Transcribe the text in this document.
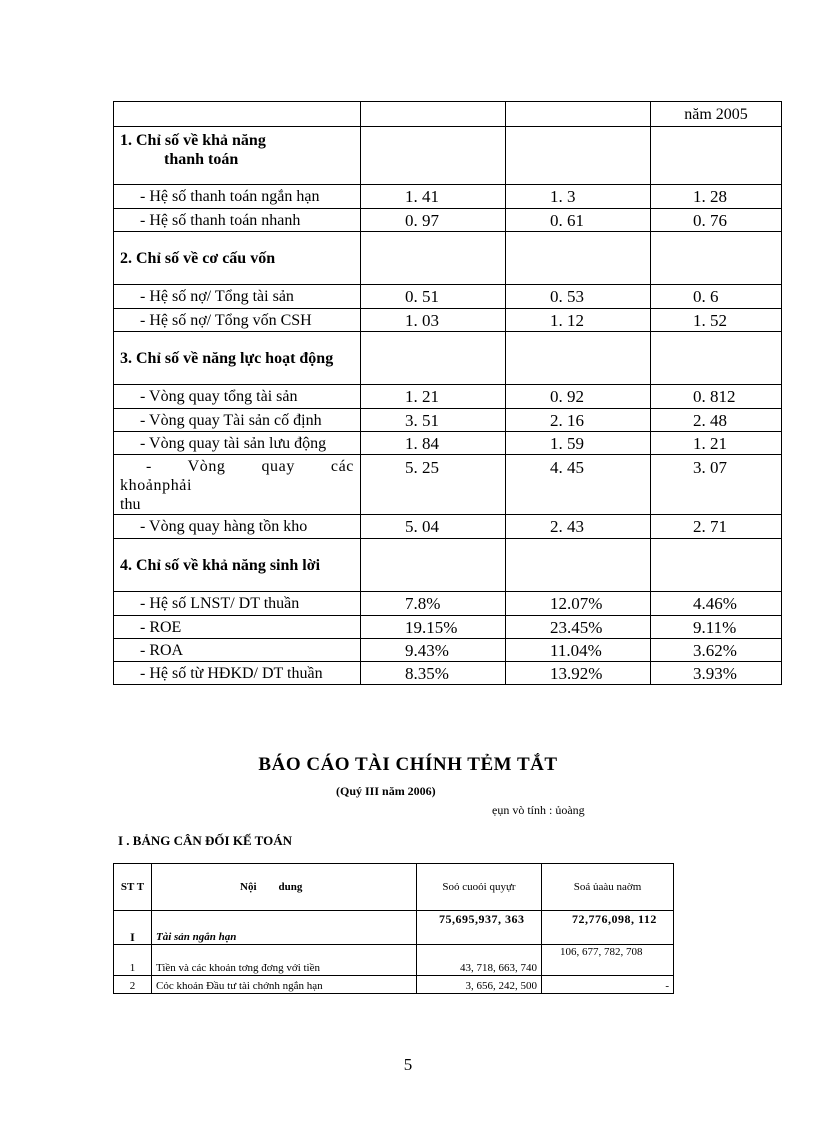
			năm 2005
1. Chỉ số về khả năng
thanh toán			
- Hệ số thanh toán ngắn hạn	1. 41	1. 3	1. 28
- Hệ số thanh toán nhanh	0. 97	0. 61	0. 76
2. Chỉ số về cơ cấu vốn			
- Hệ số nợ/ Tổng tài sản	0. 51	0. 53	0. 6
- Hệ số nợ/ Tổng vốn CSH	1. 03	1. 12	1. 52
3. Chỉ số về năng lực hoạt động			
- Vòng quay tổng tài sản	1. 21	0. 92	0. 812
- Vòng quay Tài sản cố định	3. 51	2. 16	2. 48
- Vòng quay tài sản lưu động	1. 84	1. 59	1. 21
- Vòng quay các khoảnphải
thu	5. 25	4. 45	3. 07
- Vòng quay hàng tồn kho	5. 04	2. 43	2. 71
4. Chỉ số về khả năng sinh lời			
- Hệ số LNST/ DT thuần	7.8%	12.07%	4.46%
- ROE	19.15%	23.45%	9.11%
- ROA	9.43%	11.04%	3.62%
- Hệ số từ HĐKD/ DT thuần	8.35%	13.92%	3.93%
BÁO CÁO TÀI CHÍNH TẺM TẮT
(Quý III năm 2006)
ẹụn vò tính : ủoàng
I . BẢNG CÂN ĐỐI KẾ TOÁN
ST T	Nội        dung	Soỏ cuoỏi quyựr	Soá ủaàu naờm
I	Tài sản ngắn hạn	75,695,937, 363	72,776,098, 112
1	Tiền và các khoản tơng đơng với tiền	43, 718, 663, 740	106, 677, 782, 708
2	Cỏc khoản Đầu tư tài chớnh ngắn hạn	3, 656, 242, 500	-
5
